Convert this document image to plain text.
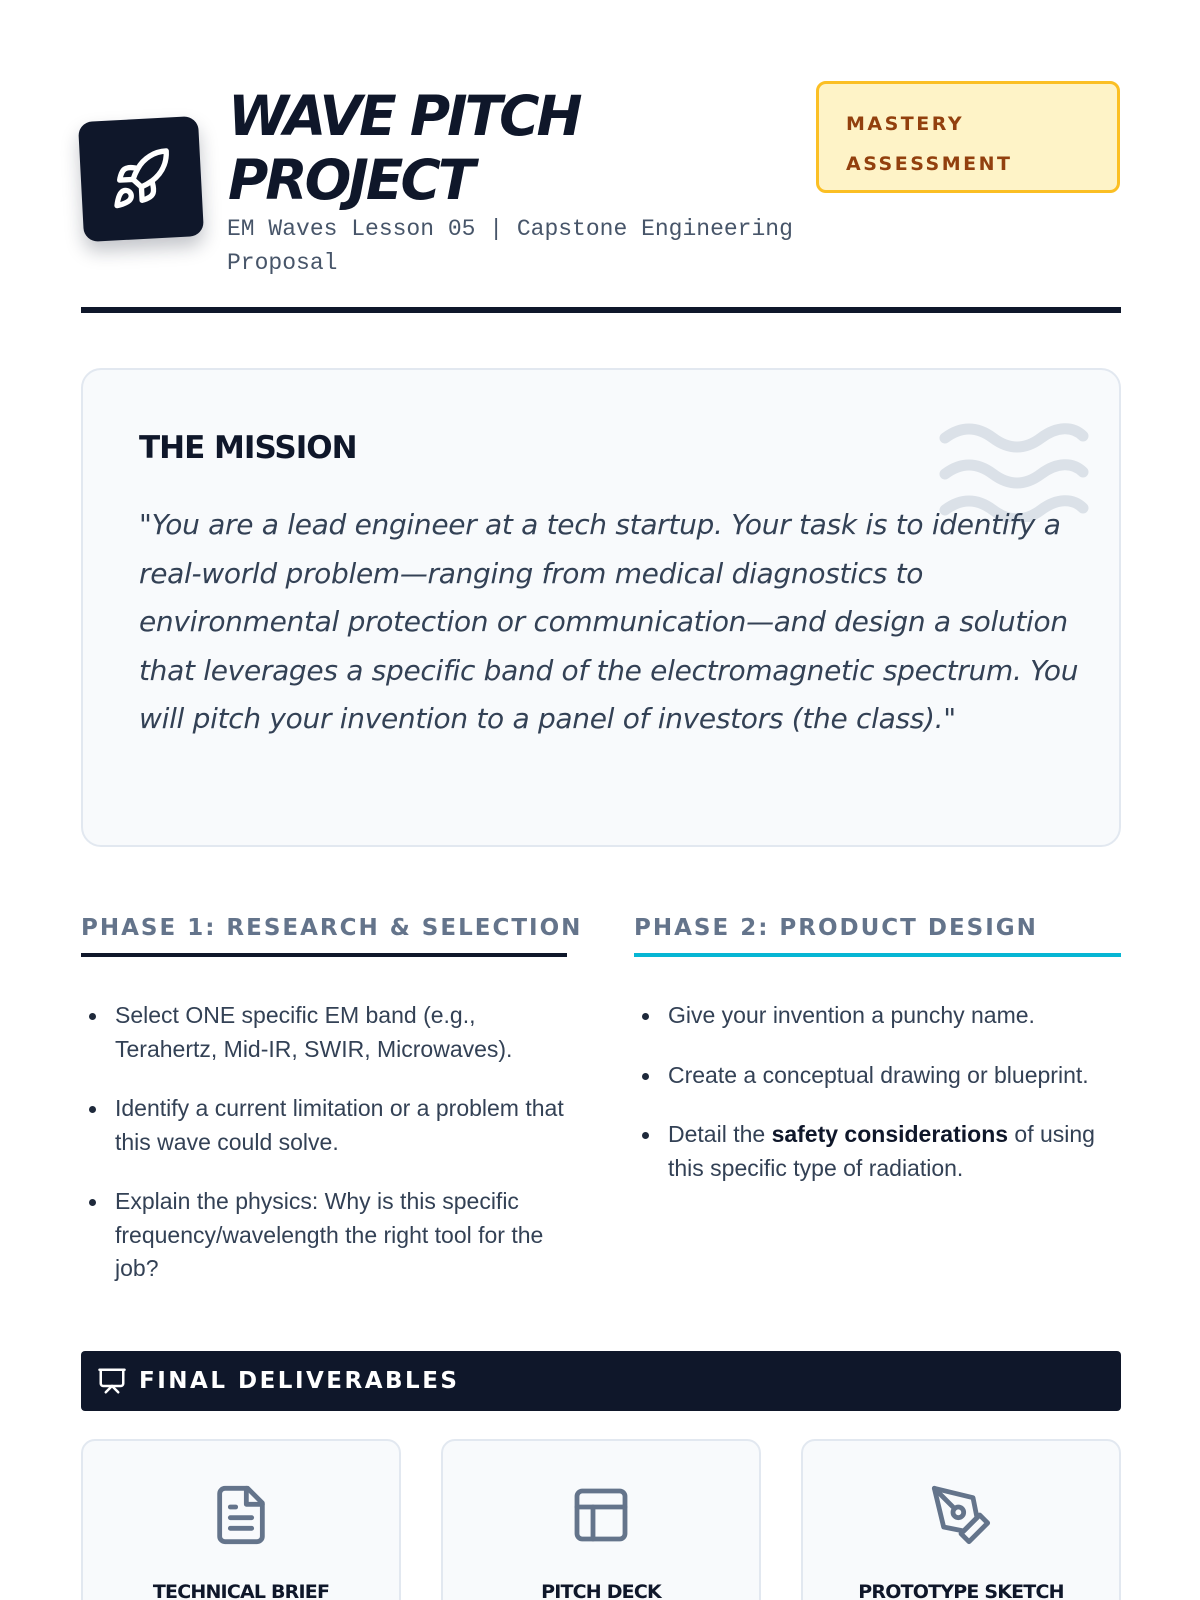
WAVE PITCH
PROJECT
EM Waves Lesson 05 | Capstone Engineering Proposal
MASTERY
ASSESSMENT
THE MISSION

"You are a lead engineer at a tech startup. Your task is to identify a real-world problem—ranging from medical diagnostics to environmental protection or communication—and design a solution that leverages a specific band of the electromagnetic spectrum. You will pitch your invention to a panel of investors (the class)."

PHASE 1: RESEARCH & SELECTION
Select ONE specific EM band (e.g., Terahertz, Mid-IR, SWIR, Microwaves).
Identify a current limitation or a problem that this wave could solve.
Explain the physics: Why is this specific frequency/wavelength the right tool for the job?
PHASE 2: PRODUCT DESIGN
Give your invention a punchy name.
Create a conceptual drawing or blueprint.
Detail the safety considerations of using this specific type of radiation.
FINAL DELIVERABLES
TECHNICAL BRIEF	PITCH DECK	PROTOTYPE SKETCH
